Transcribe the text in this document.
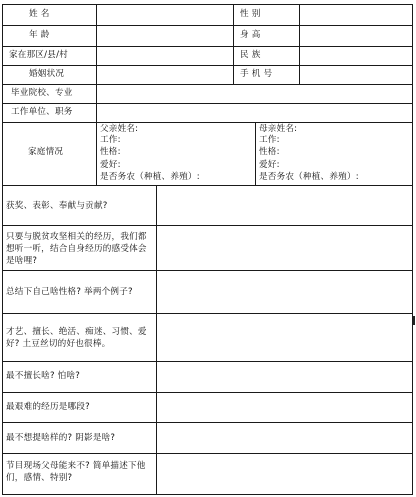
姓 名
年 龄
家在那区/县/村
婚姻状况
毕业院校、专业
工作单位、职务
家庭情况
性 别
身 高
民 族
手 机 号
父亲姓名:
工作:
性格:
爱好:
是否务农（种植、养殖）:
母亲姓名:
工作:
性格:
爱好:
是否务农（种植、养殖）:
获奖、表彰、奉献与贡献?
只要与脱贫攻坚相关的经历，我们都想听一听，结合自身经历的感受体会是啥哩?
总结下自己啥性格? 举两个例子?
才艺、擅长、绝活、痴迷、习惯、爱好? 土豆丝切的好也很棒。
最不擅长啥? 怕啥?
最艰难的经历是哪段?
最不想提啥样的? 阴影是啥?
节目现场父母能来不? 简单描述下他们，感情、特别?
